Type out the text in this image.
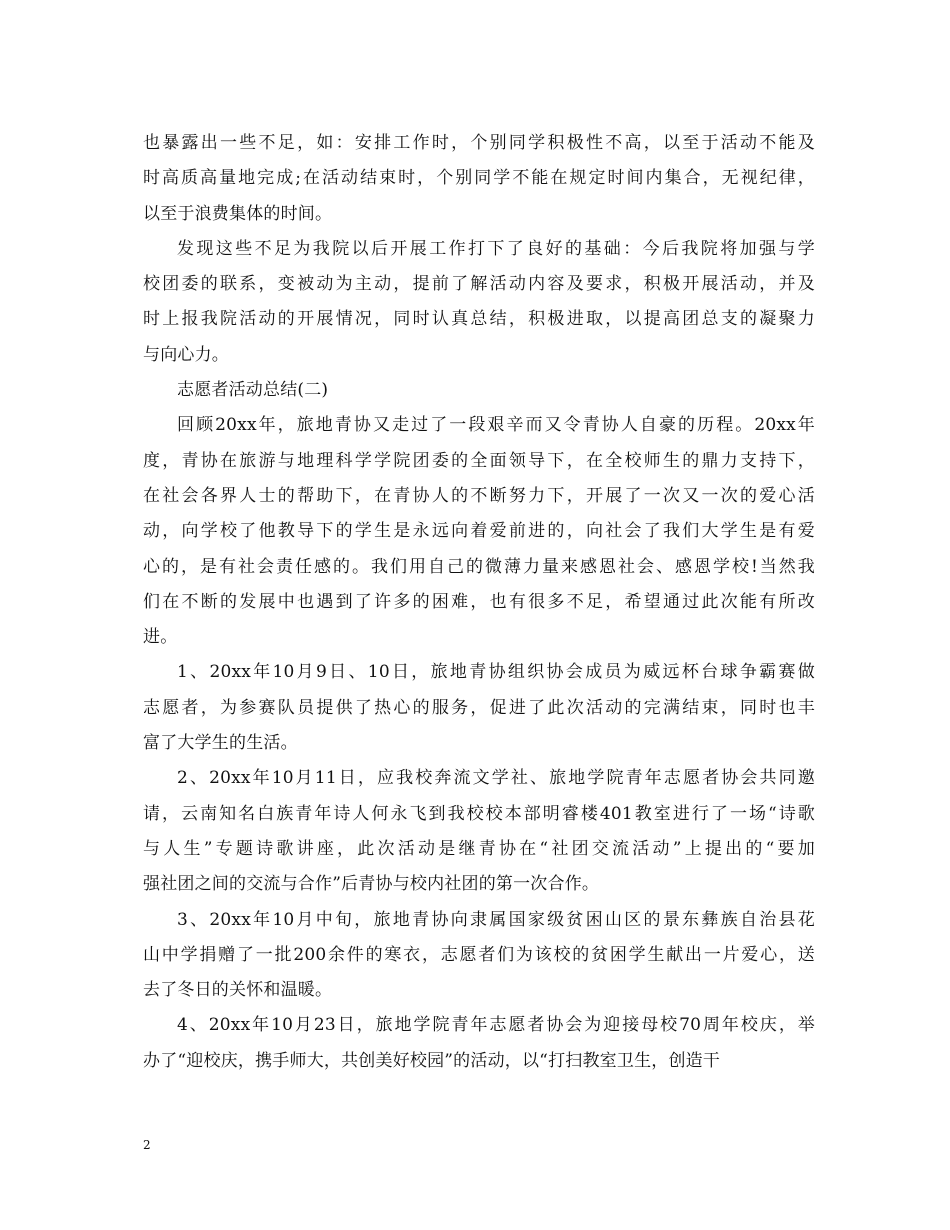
也暴露出一些不足，如：安排工作时，个别同学积极性不高，以至于活动不能及
时高质高量地完成;在活动结束时，个别同学不能在规定时间内集合，无视纪律，
以至于浪费集体的时间。
发现这些不足为我院以后开展工作打下了良好的基础：今后我院将加强与学
校团委的联系，变被动为主动，提前了解活动内容及要求，积极开展活动，并及
时上报我院活动的开展情况，同时认真总结，积极进取，以提高团总支的凝聚力
与向心力。
志愿者活动总结(二)
回顾20xx年，旅地青协又走过了一段艰辛而又令青协人自豪的历程。20xx年
度，青协在旅游与地理科学学院团委的全面领导下，在全校师生的鼎力支持下，
在社会各界人士的帮助下，在青协人的不断努力下，开展了一次又一次的爱心活
动，向学校了他教导下的学生是永远向着爱前进的，向社会了我们大学生是有爱
心的，是有社会责任感的。我们用自己的微薄力量来感恩社会、感恩学校!当然我
们在不断的发展中也遇到了许多的困难，也有很多不足，希望通过此次能有所改
进。
1、20xx年10月9日、10日，旅地青协组织协会成员为威远杯台球争霸赛做
志愿者，为参赛队员提供了热心的服务，促进了此次活动的完满结束，同时也丰
富了大学生的生活。
2、20xx年10月11日，应我校奔流文学社、旅地学院青年志愿者协会共同邀
请，云南知名白族青年诗人何永飞到我校校本部明睿楼401教室进行了一场“诗歌
与人生”专题诗歌讲座，此次活动是继青协在“社团交流活动”上提出的“要加
强社团之间的交流与合作”后青协与校内社团的第一次合作。
3、20xx年10月中旬，旅地青协向隶属国家级贫困山区的景东彝族自治县花
山中学捐赠了一批200余件的寒衣，志愿者们为该校的贫困学生献出一片爱心，送
去了冬日的关怀和温暖。
4、20xx年10月23日，旅地学院青年志愿者协会为迎接母校70周年校庆，举
办了“迎校庆，携手师大，共创美好校园”的活动，以“打扫教室卫生，创造干
2
